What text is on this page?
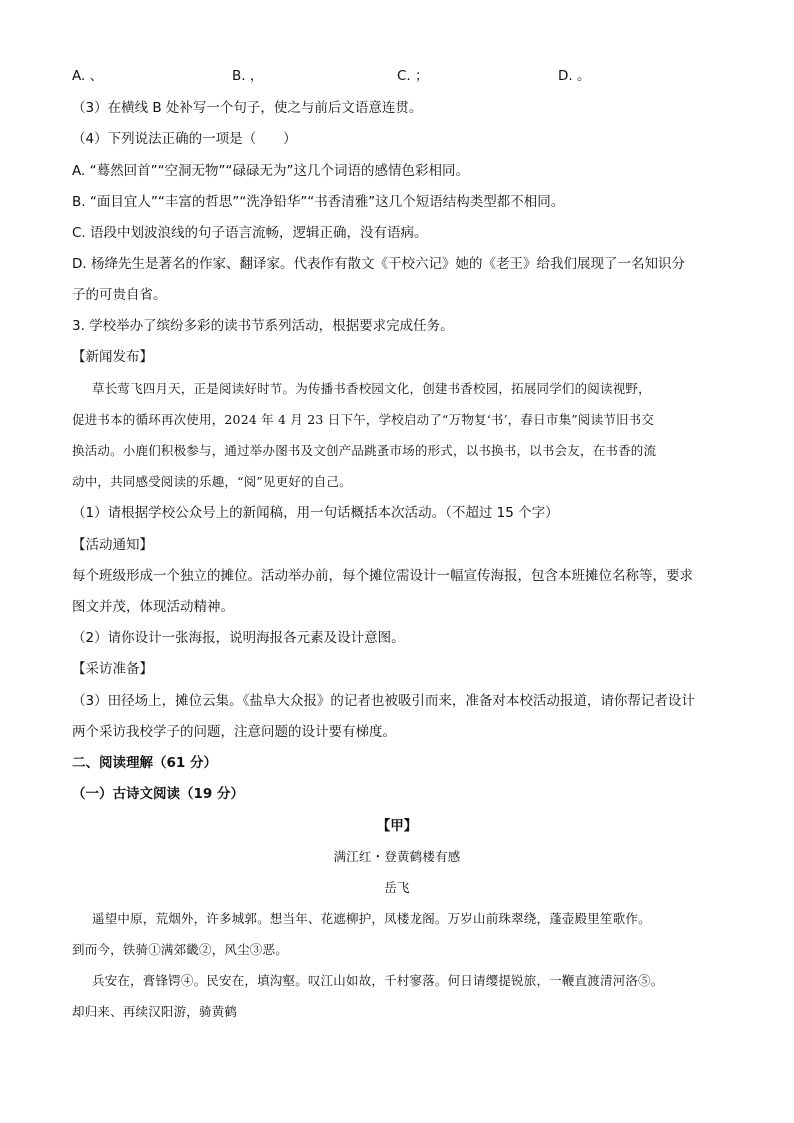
A. 、	B. ，	C. ；	D. 。
（3）在横线 B 处补写一个句子，使之与前后文语意连贯。
（4）下列说法正确的一项是（　　）
A. “蓦然回首”“空洞无物”“碌碌无为”这几个词语的感情色彩相同。
B. “面目宜人”“丰富的哲思”“洗净铅华”“书香清雅”这几个短语结构类型都不相同。
C. 语段中划波浪线的句子语言流畅，逻辑正确，没有语病。
D. 杨绛先生是著名的作家、翻译家。代表作有散文《干校六记》她的《老王》给我们展现了一名知识分
子的可贵自省。
3. 学校举办了缤纷多彩的读书节系列活动，根据要求完成任务。
【新闻发布】
草长莺飞四月天，正是阅读好时节。为传播书香校园文化，创建书香校园，拓展同学们的阅读视野，
促进书本的循环再次使用，2024 年 4 月 23 日下午，学校启动了“万物复‘书’，春日市集”阅读节旧书交
换活动。小鹿们积极参与，通过举办图书及文创产品跳蚤市场的形式，以书换书，以书会友，在书香的流
动中，共同感受阅读的乐趣，“阅”见更好的自己。
（1）请根据学校公众号上的新闻稿，用一句话概括本次活动。（不超过 15 个字）
【活动通知】
每个班级形成一个独立的摊位。活动举办前，每个摊位需设计一幅宣传海报，包含本班摊位名称等，要求
图文并茂，体现活动精神。
（2）请你设计一张海报，说明海报各元素及设计意图。
【采访准备】
（3）田径场上，摊位云集。《盐阜大众报》的记者也被吸引而来，准备对本校活动报道，请你帮记者设计
两个采访我校学子的问题，注意问题的设计要有梯度。
二、阅读理解（61 分）
（一）古诗文阅读（19 分）
【甲】
满江红・登黄鹤楼有感
岳飞
遥望中原，荒烟外，许多城郭。想当年、花遮柳护，凤楼龙阁。万岁山前珠翠绕，蓬壶殿里笙歌作。
到而今，铁骑①满郊畿②，风尘③恶。
兵安在，膏锋锷④。民安在，填沟壑。叹江山如故，千村寥落。何日请缨提锐旅，一鞭直渡清河洛⑤。
却归来、再续汉阳游，骑黄鹤
